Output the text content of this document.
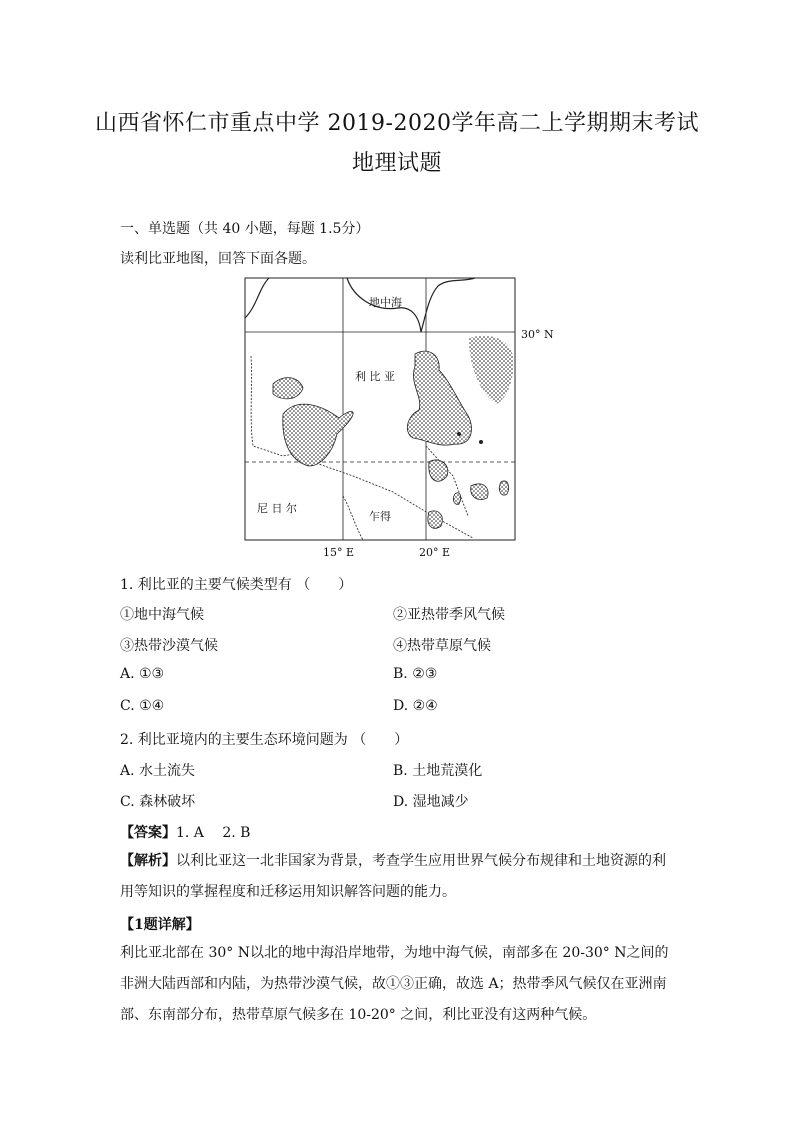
山西省怀仁市重点中学 2019-2020学年高二上学期期末考试
地理试题
一、单选题（共 40 小题，每题 1.5分）
读利比亚地图，回答下面各题。
地中海
30° N
利 比 亚
尼 日 尔
乍得
15° E	20° E
1. 利比亚的主要气候类型有 （　　）
①地中海气候	②亚热带季风气候
③热带沙漠气候	④热带草原气候
A. ①③	B. ②③
C. ①④	D. ②④
2. 利比亚境内的主要生态环境问题为 （　　）
A. 水土流失	B. 土地荒漠化
C. 森林破坏	D. 湿地减少
【答案】1. A　 2. B
【解析】以利比亚这一北非国家为背景，考查学生应用世界气候分布规律和土地资源的利用等知识的掌握程度和迁移运用知识解答问题的能力。
【1题详解】
利比亚北部在 30° N以北的地中海沿岸地带，为地中海气候，南部多在 20-30° N之间的非洲大陆西部和内陆，为热带沙漠气候，故①③正确，故选 A；热带季风气候仅在亚洲南部、东南部分布，热带草原气候多在 10-20° 之间，利比亚没有这两种气候。
